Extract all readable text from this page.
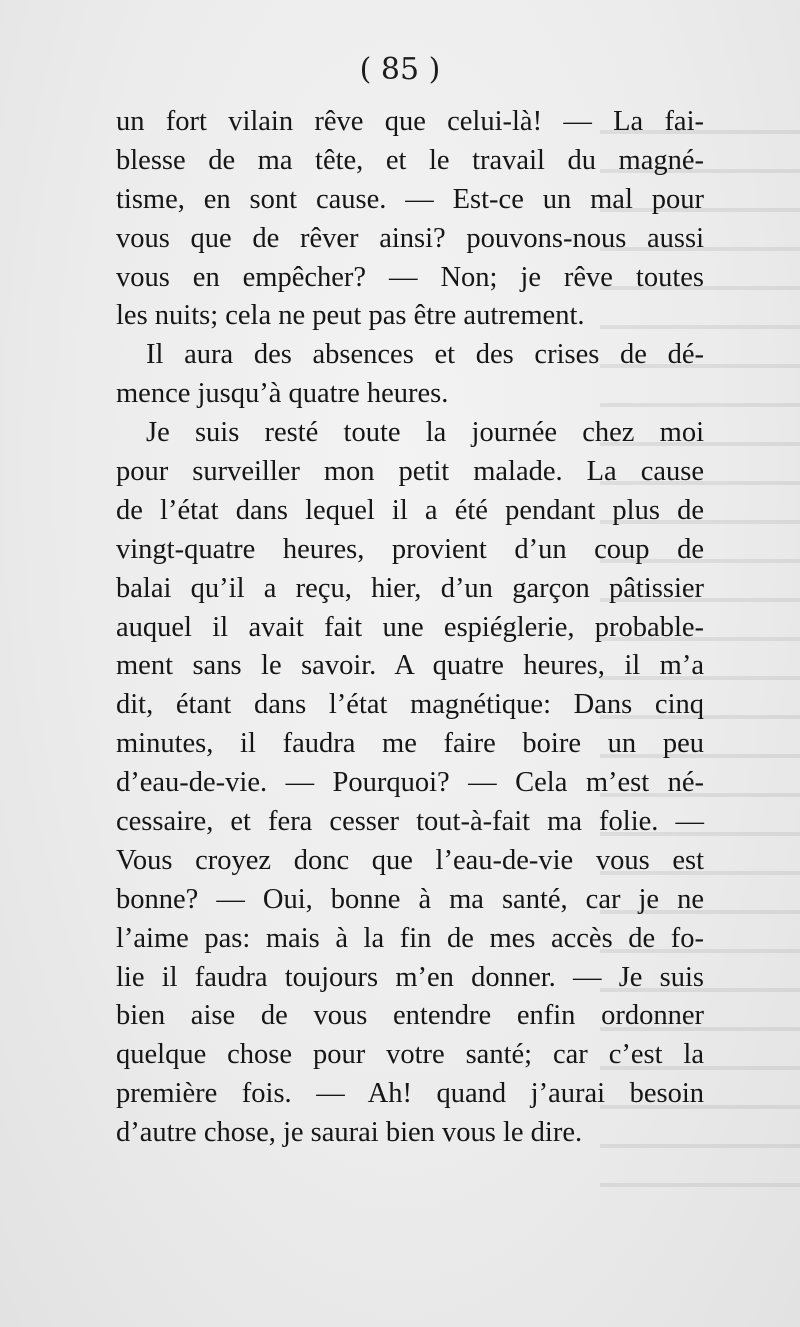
( 85 )
un fort vilain rêve que celui-là! — La fai-
blesse de ma tête, et le travail du magné-
tisme, en sont cause. — Est-ce un mal pour
vous que de rêver ainsi? pouvons-nous aussi
vous en empêcher? — Non; je rêve toutes
les nuits; cela ne peut pas être autrement.
Il aura des absences et des crises de dé-
mence jusqu’à quatre heures.
Je suis resté toute la journée chez moi
pour surveiller mon petit malade. La cause
de l’état dans lequel il a été pendant plus de
vingt-quatre heures, provient d’un coup de
balai qu’il a reçu, hier, d’un garçon pâtissier
auquel il avait fait une espiéglerie, probable-
ment sans le savoir. A quatre heures, il m’a
dit, étant dans l’état magnétique: Dans cinq
minutes, il faudra me faire boire un peu
d’eau-de-vie. — Pourquoi? — Cela m’est né-
cessaire, et fera cesser tout-à-fait ma folie. —
Vous croyez donc que l’eau-de-vie vous est
bonne? — Oui, bonne à ma santé, car je ne
l’aime pas: mais à la fin de mes accès de fo-
lie il faudra toujours m’en donner. — Je suis
bien aise de vous entendre enfin ordonner
quelque chose pour votre santé; car c’est la
première fois. — Ah! quand j’aurai besoin
d’autre chose, je saurai bien vous le dire.
